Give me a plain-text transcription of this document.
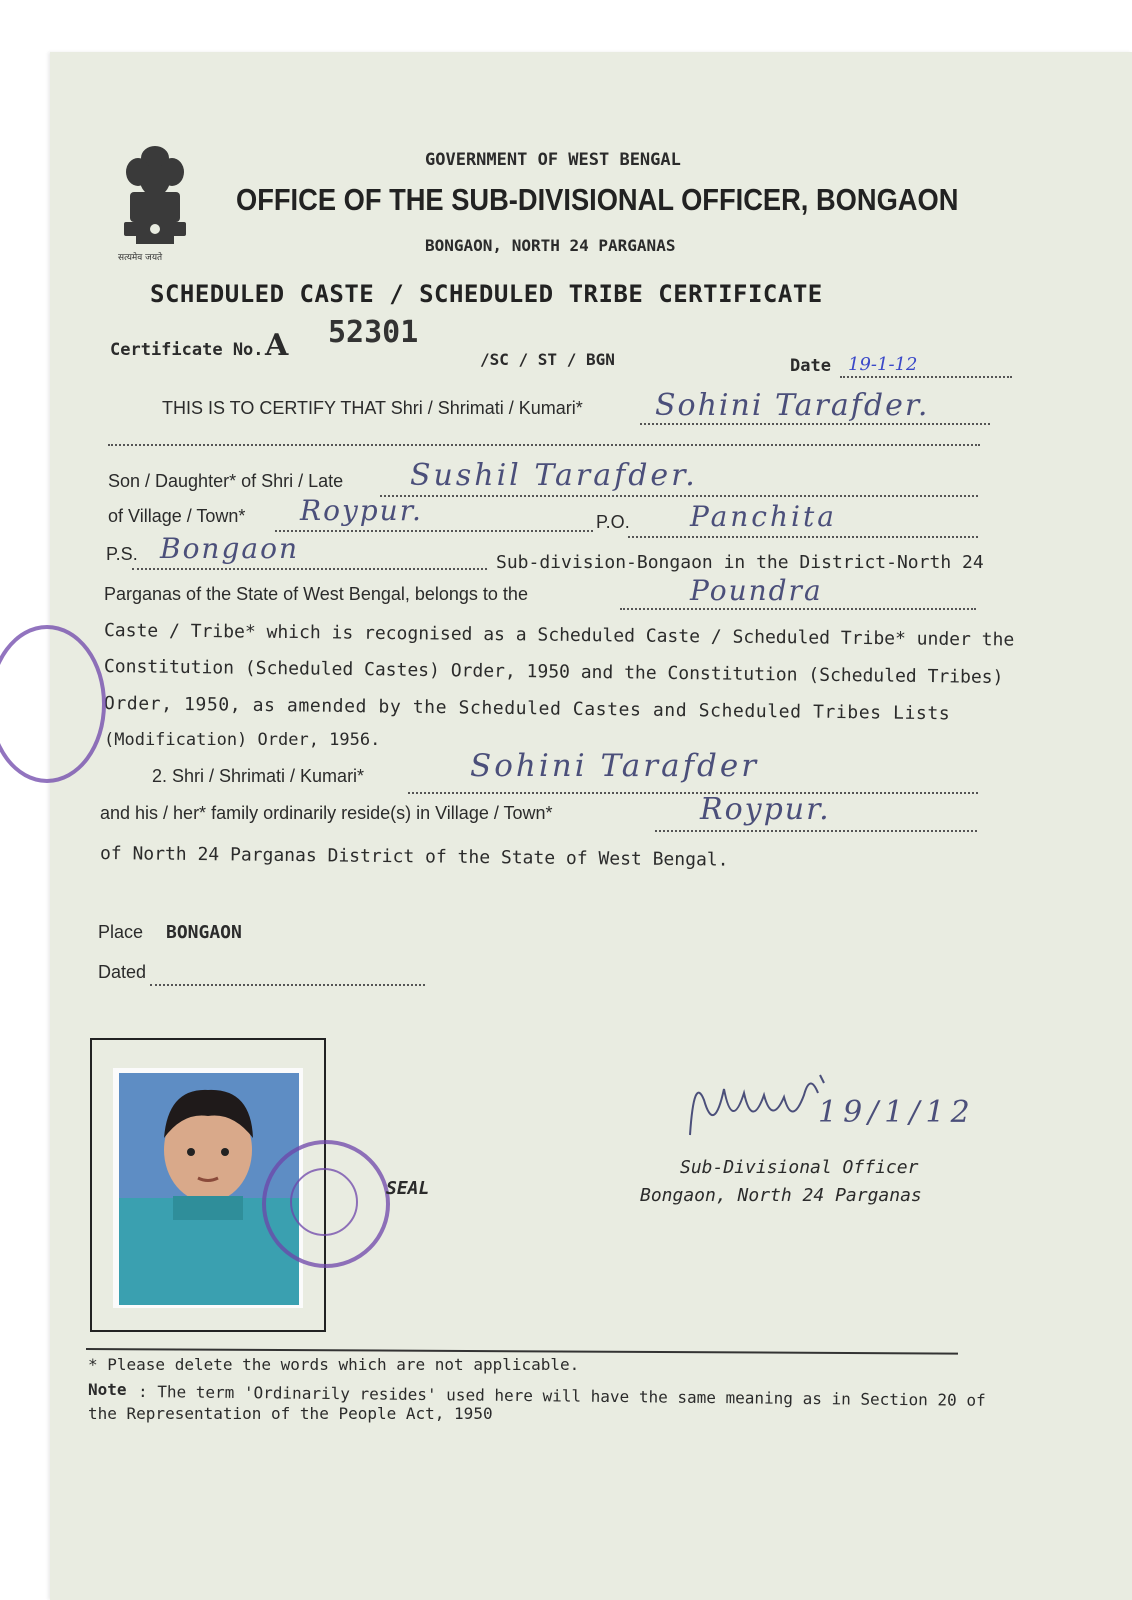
सत्यमेव जयते
GOVERNMENT OF WEST BENGAL
OFFICE OF THE SUB-DIVISIONAL OFFICER, BONGAON
BONGAON, NORTH 24 PARGANAS
SCHEDULED CASTE / SCHEDULED TRIBE CERTIFICATE
Certificate No. A 52301
/SC / ST / BGN	Date 19-1-12
THIS IS TO CERTIFY THAT Shri / Shrimati / Kumari* Sohini Tarafder.
Son / Daughter* of Shri / Late Sushil Tarafder.
of Village / Town* Roypur.	P.O. Panchita
P.S. Bongaon	Sub-division-Bongaon in the District-North 24
Parganas of the State of West Bengal, belongs to the	Poundra
Caste / Tribe* which is recognised as a Scheduled Caste / Scheduled Tribe* under the
Constitution (Scheduled Castes) Order, 1950 and the Constitution (Scheduled Tribes)
Order, 1950, as amended by the Scheduled Castes and Scheduled Tribes Lists
(Modification) Order, 1956.
2. Shri / Shrimati / Kumari*	Sohini Tarafder
and his / her* family ordinarily reside(s) in Village / Town*	Roypur.
of North 24 Parganas District of the State of West Bengal.
Place BONGAON
Dated
SEAL
19/1/12
Sub-Divisional Officer
Bongaon, North 24 Parganas
* Please delete the words which are not applicable.
Note : The term 'Ordinarily resides' used here will have the same meaning as in Section 20 of
the Representation of the People Act, 1950
